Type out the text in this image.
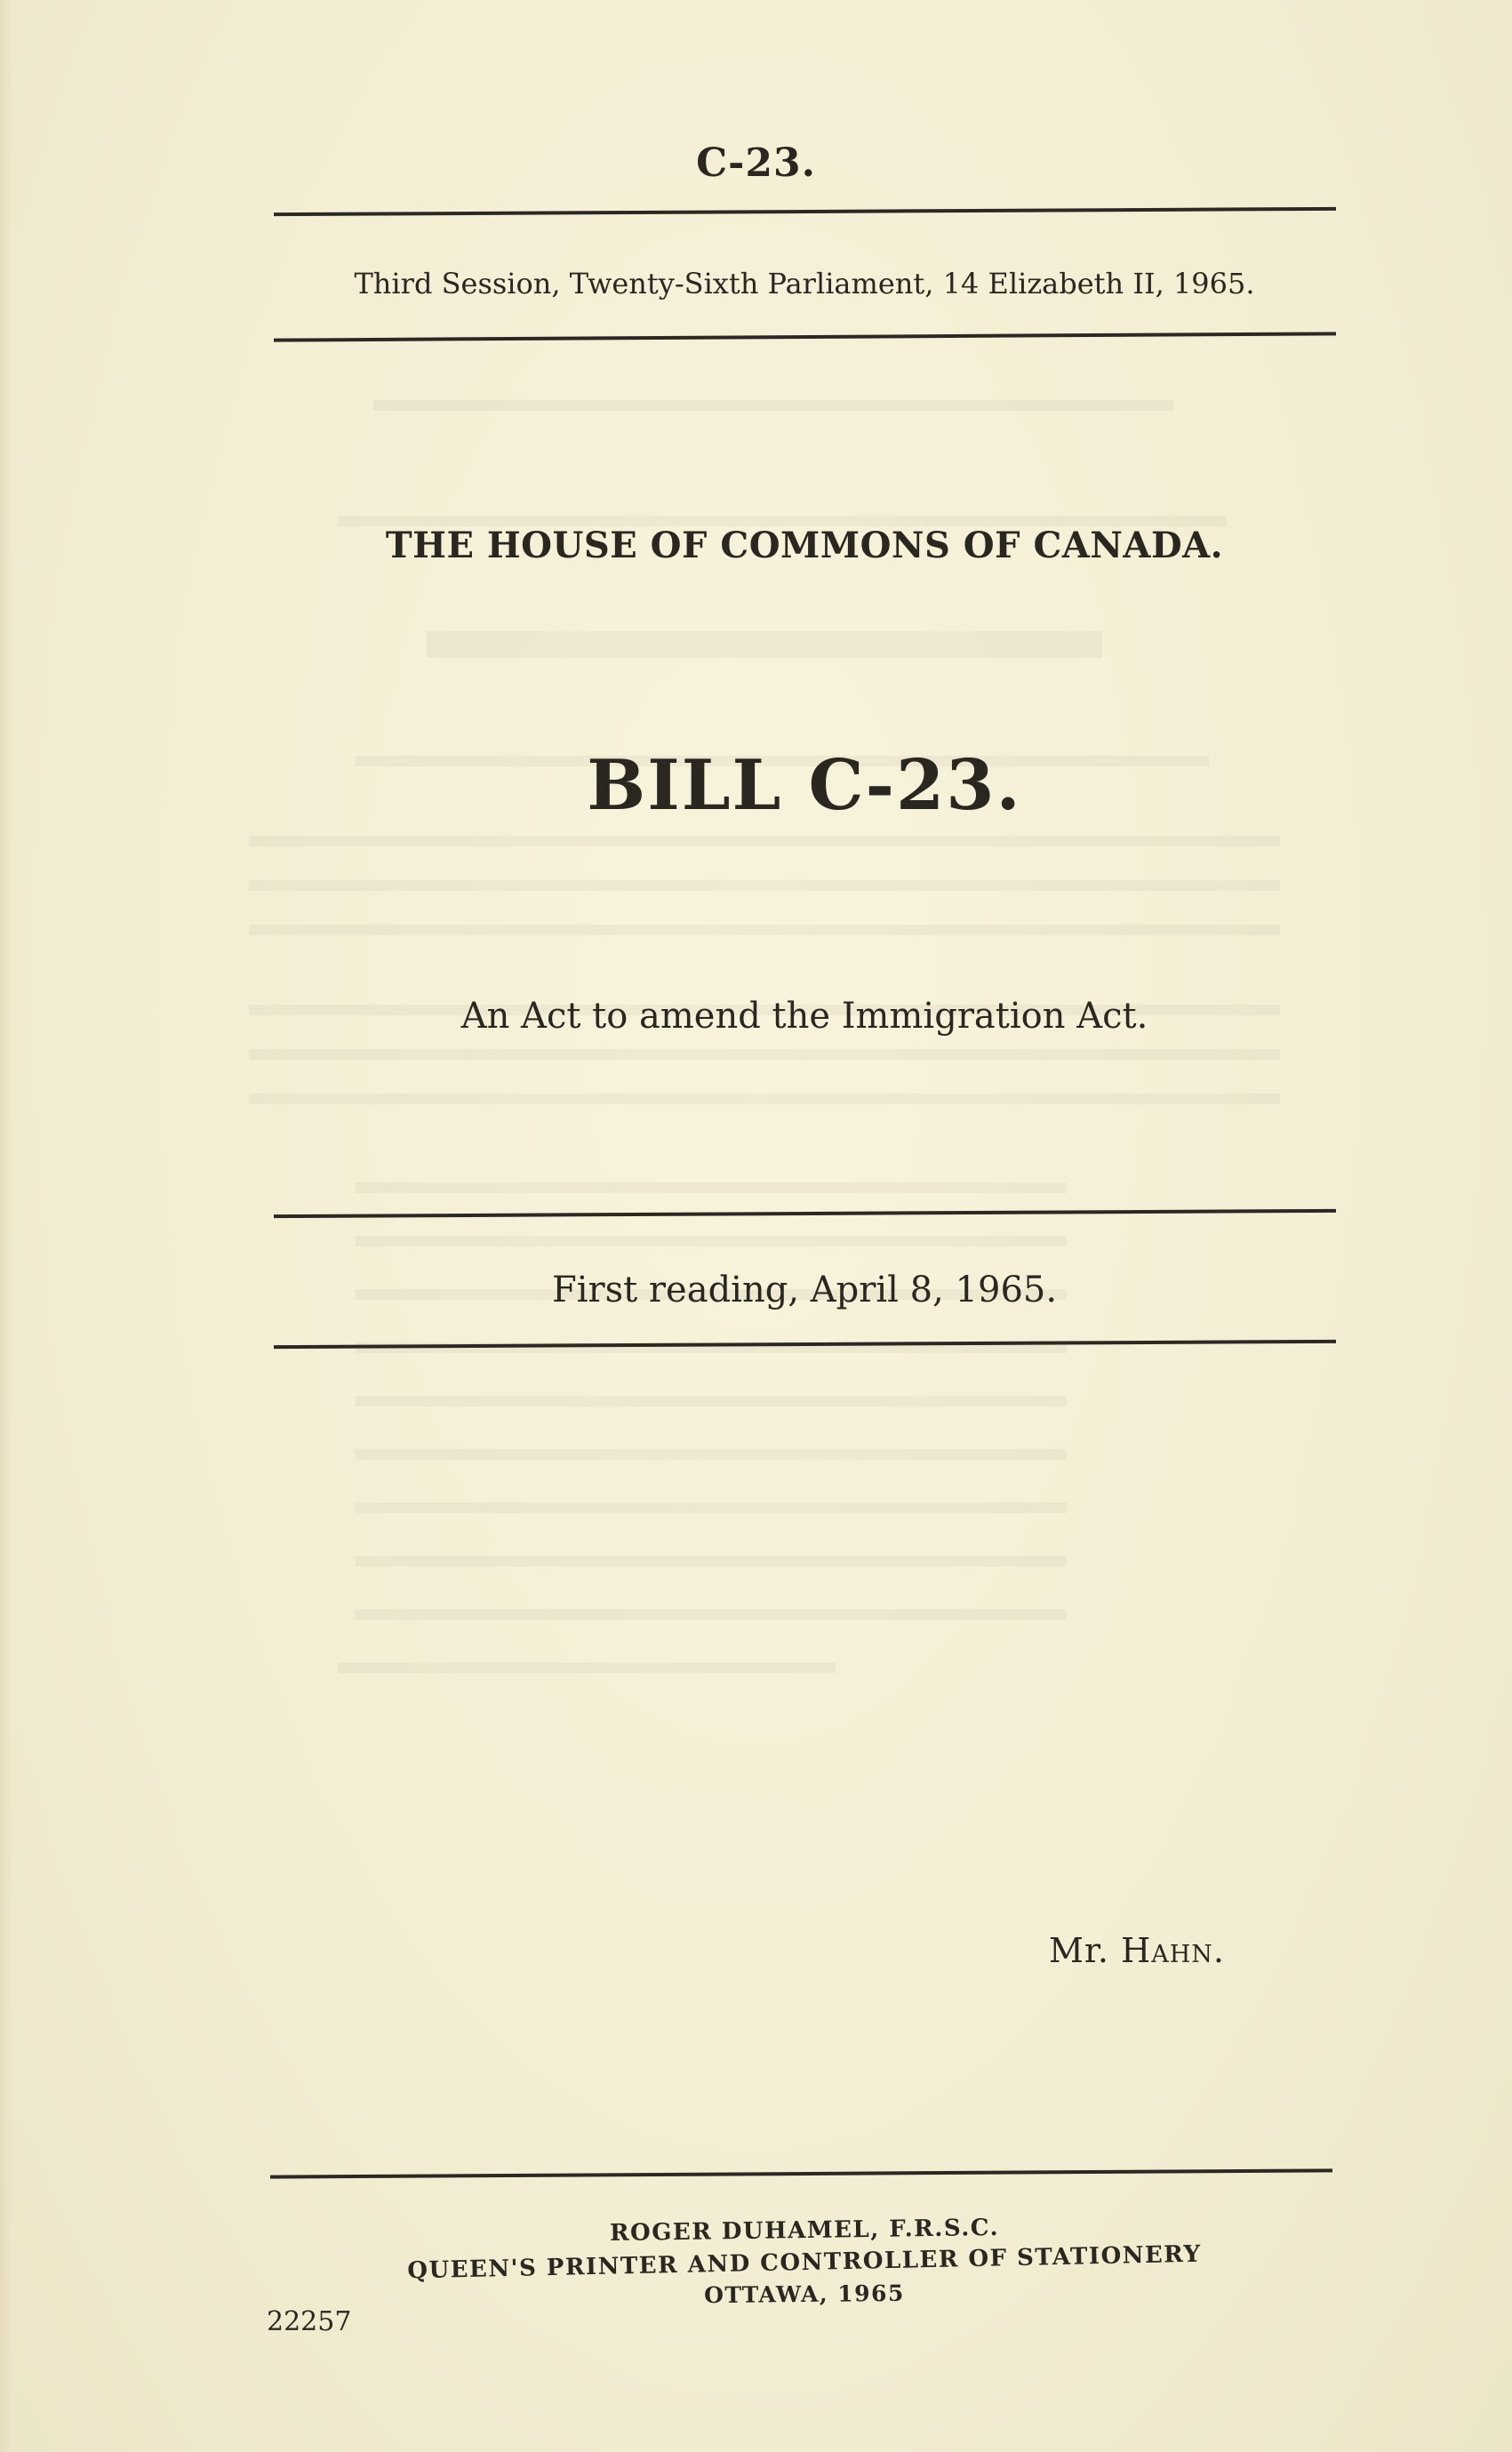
C-23.
Third Session, Twenty-Sixth Parliament, 14 Elizabeth II, 1965.
THE HOUSE OF COMMONS OF CANADA.
BILL C-23.
An Act to amend the Immigration Act.
First reading, April 8, 1965.
Mr. Hahn.
ROGER DUHAMEL, F.R.S.C.
QUEEN'S PRINTER AND CONTROLLER OF STATIONERY
OTTAWA, 1965
22257
